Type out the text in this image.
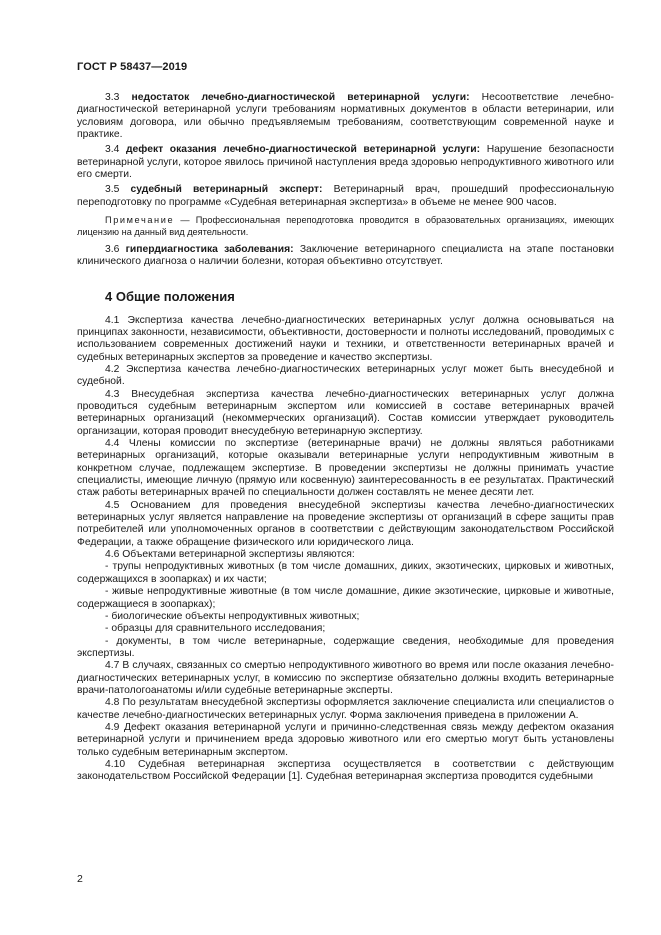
ГОСТ Р 58437—2019

3.3 недостаток лечебно-диагностической ветеринарной услуги: Несоответствие лечебно-диагностической ветеринарной услуги требованиям нормативных документов в области ветеринарии, или условиям договора, или обычно предъявляемым требованиям, соответствующим современной науке и практике.

3.4 дефект оказания лечебно-диагностической ветеринарной услуги: Нарушение безопасности ветеринарной услуги, которое явилось причиной наступления вреда здоровью непродуктивного животного или его смерти.

3.5 судебный ветеринарный эксперт: Ветеринарный врач, прошедший профессиональную переподготовку по программе «Судебная ветеринарная экспертиза» в объеме не менее 900 часов.

Примечание — Профессиональная переподготовка проводится в образовательных организациях, имеющих лицензию на данный вид деятельности.

3.6 гипердиагностика заболевания: Заключение ветеринарного специалиста на этапе постановки клинического диагноза о наличии болезни, которая объективно отсутствует.

4 Общие положения

4.1 Экспертиза качества лечебно-диагностических ветеринарных услуг должна основываться на принципах законности, независимости, объективности, достоверности и полноты исследований, проводимых с использованием современных достижений науки и техники, и ответственности ветеринарных врачей и судебных ветеринарных экспертов за проведение и качество экспертизы.

4.2 Экспертиза качества лечебно-диагностических ветеринарных услуг может быть внесудебной и судебной.

4.3 Внесудебная экспертиза качества лечебно-диагностических ветеринарных услуг должна проводиться судебным ветеринарным экспертом или комиссией в составе ветеринарных врачей ветеринарных организаций (некоммерческих организаций). Состав комиссии утверждает руководитель организации, которая проводит внесудебную ветеринарную экспертизу.

4.4 Члены комиссии по экспертизе (ветеринарные врачи) не должны являться работниками ветеринарных организаций, которые оказывали ветеринарные услуги непродуктивным животным в конкретном случае, подлежащем экспертизе. В проведении экспертизы не должны принимать участие специалисты, имеющие личную (прямую или косвенную) заинтересованность в ее результатах. Практический стаж работы ветеринарных врачей по специальности должен составлять не менее десяти лет.

4.5 Основанием для проведения внесудебной экспертизы качества лечебно-диагностических ветеринарных услуг является направление на проведение экспертизы от организаций в сфере защиты прав потребителей или уполномоченных органов в соответствии с действующим законодательством Российской Федерации, а также обращение физического или юридического лица.

4.6 Объектами ветеринарной экспертизы являются:

- трупы непродуктивных животных (в том числе домашних, диких, экзотических, цирковых и животных, содержащихся в зоопарках) и их части;

- живые непродуктивные животные (в том числе домашние, дикие экзотические, цирковые и животные, содержащиеся в зоопарках);

- биологические объекты непродуктивных животных;

- образцы для сравнительного исследования;

- документы, в том числе ветеринарные, содержащие сведения, необходимые для проведения экспертизы.

4.7 В случаях, связанных со смертью непродуктивного животного во время или после оказания лечебно-диагностических ветеринарных услуг, в комиссию по экспертизе обязательно должны входить ветеринарные врачи-патологоанатомы и/или судебные ветеринарные эксперты.

4.8 По результатам внесудебной экспертизы оформляется заключение специалиста или специалистов о качестве лечебно-диагностических ветеринарных услуг. Форма заключения приведена в приложении А.

4.9 Дефект оказания ветеринарной услуги и причинно-следственная связь между дефектом оказания ветеринарной услуги и причинением вреда здоровью животного или его смертью могут быть установлены только судебным ветеринарным экспертом.

4.10 Судебная ветеринарная экспертиза осуществляется в соответствии с действующим законодательством Российской Федерации [1]. Судебная ветеринарная экспертиза проводится судебными

2
